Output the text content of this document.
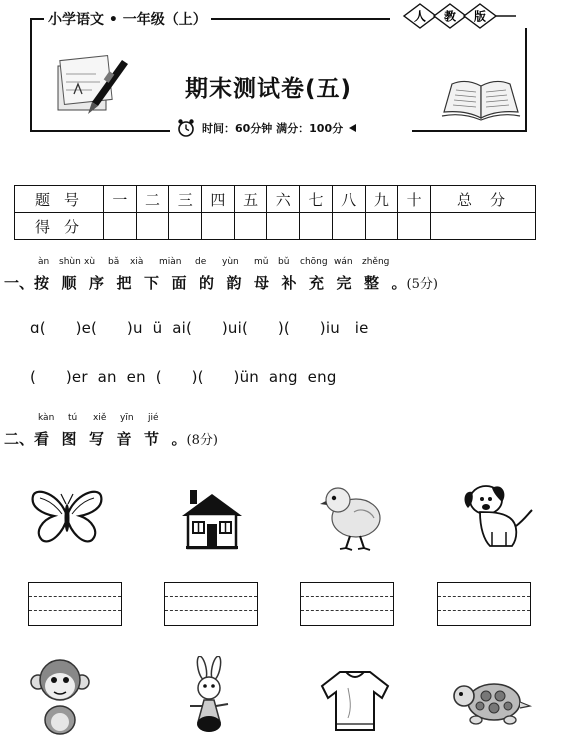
小学语文 • 一年级（上）	人 教 版
期末测试卷(五)
时间：60分钟 满分：100分
题号	一	二	三	四	五	六	七	八	九	十	总分
得分											
àn shùn xù bǎ xià miàn de yùn mǔ bǔ chōng wán zhěng
一、按顺序把下面的韵母补充完整。(5分)
ɑ(      )e(      )u  ü  ai(      )ui(      )(      )iu   ie
(      )er  an  en  (      )(      )ün  ang  eng
kàn tú xiě yīn jié
二、看图写音节。(8分)
